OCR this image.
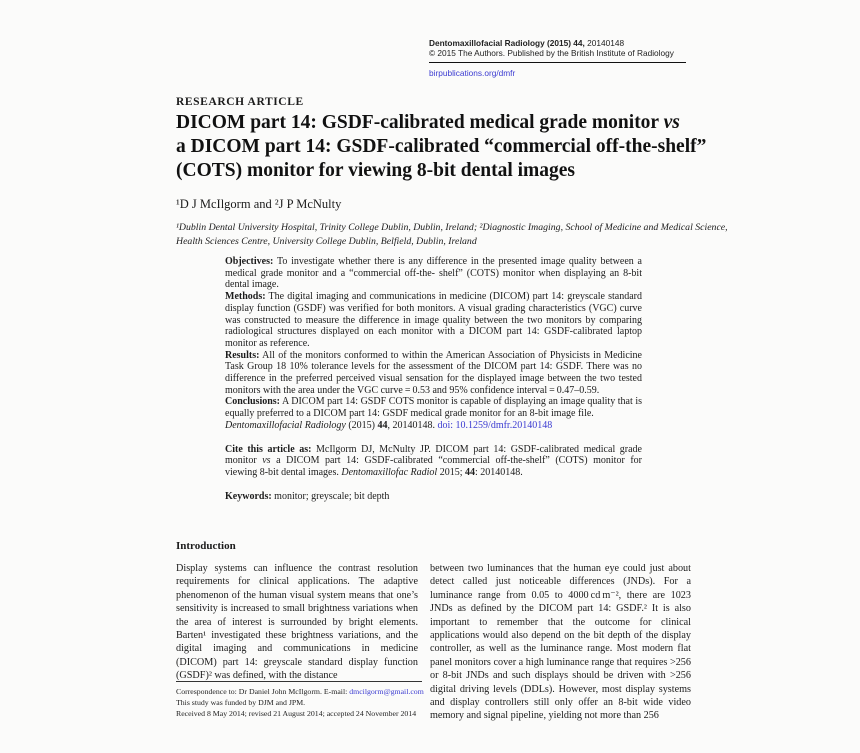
Dentomaxillofacial Radiology (2015) 44, 20140148
© 2015 The Authors. Published by the British Institute of Radiology
birpublications.org/dmfr
RESEARCH ARTICLE
DICOM part 14: GSDF-calibrated medical grade monitor vs
a DICOM part 14: GSDF-calibrated “commercial off-the-shelf”
(COTS) monitor for viewing 8-bit dental images
¹D J McIlgorm and ²J P McNulty
¹Dublin Dental University Hospital, Trinity College Dublin, Dublin, Ireland; ²Diagnostic Imaging, School of Medicine and Medical Science, Health Sciences Centre, University College Dublin, Belfield, Dublin, Ireland

Objectives: To investigate whether there is any difference in the presented image quality between a medical grade monitor and a “commercial off-the- shelf” (COTS) monitor when displaying an 8-bit dental image.

Methods: The digital imaging and communications in medicine (DICOM) part 14: greyscale standard display function (GSDF) was verified for both monitors. A visual grading characteristics (VGC) curve was constructed to measure the difference in image quality between the two monitors by comparing radiological structures displayed on each monitor with a DICOM part 14: GSDF-calibrated laptop monitor as reference.

Results: All of the monitors conformed to within the American Association of Physicists in Medicine Task Group 18 10% tolerance levels for the assessment of the DICOM part 14: GSDF. There was no difference in the preferred perceived visual sensation for the displayed image between the two tested monitors with the area under the VGC curve = 0.53 and 95% confidence interval = 0.47–0.59.

Conclusions: A DICOM part 14: GSDF COTS monitor is capable of displaying an image quality that is equally preferred to a DICOM part 14: GSDF medical grade monitor for an 8-bit image file.

Dentomaxillofacial Radiology (2015) 44, 20140148. doi: 10.1259/dmfr.20140148

Cite this article as: McIlgorm DJ, McNulty JP. DICOM part 14: GSDF-calibrated medical grade monitor vs a DICOM part 14: GSDF-calibrated “commercial off-the-shelf” (COTS) monitor for viewing 8-bit dental images. Dentomaxillofac Radiol 2015; 44: 20140148.

Keywords: monitor; greyscale; bit depth

Introduction

Display systems can influence the contrast resolution requirements for clinical applications. The adaptive phenomenon of the human visual system means that one’s sensitivity is increased to small brightness variations when the area of interest is surrounded by bright elements. Barten¹ investigated these brightness variations, and the digital imaging and communications in medicine (DICOM) part 14: greyscale standard display function (GSDF)² was defined, with the distance

between two luminances that the human eye could just about detect called just noticeable differences (JNDs). For a luminance range from 0.05 to 4000 cd m⁻², there are 1023 JNDs as defined by the DICOM part 14: GSDF.² It is also important to remember that the outcome for clinical applications would also depend on the bit depth of the display controller, as well as the luminance range. Most modern flat panel monitors cover a high luminance range that requires >256 or 8-bit JNDs and such displays should be driven with >256 digital driving levels (DDLs). However, most display systems and display controllers still only offer an 8-bit wide video memory and signal pipeline, yielding not more than 256

Correspondence to: Dr Daniel John McIlgorm. E-mail: dmcilgorm@gmail.com
This study was funded by DJM and JPM.
Received 8 May 2014; revised 21 August 2014; accepted 24 November 2014
